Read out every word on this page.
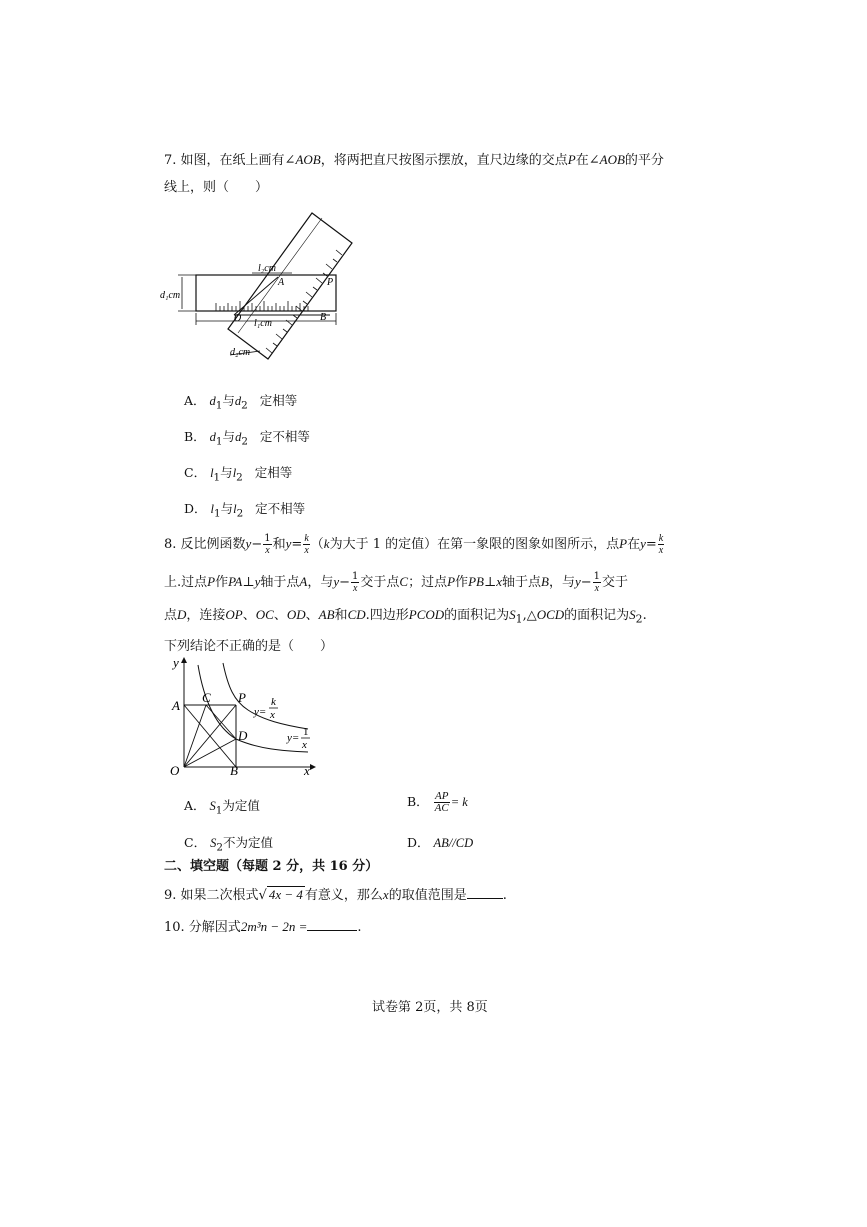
7. 如图，在纸上画有∠AOB，将两把直尺按图示摆放，直尺边缘的交点P在∠AOB的平分
线上，则（　　）
l₂cm
d₁cm
l₁cm
d₂cm
A	P
O	B
A． $d_1$与$d_2$ 定相等
B． $d_1$与$d_2$ 定不相等
C． $l_1$与$l_2$ 定相等
D． $l_1$与$l_2$ 定不相等
8. 反比例函数$y- \frac{1}{x}$ 和$y= \frac{k}{x} (k$为大于 1 的定值）在第一象限的图象如图所示，点P在$y= \frac{k}{x}$
上.过点P作PA⊥y轴于点A，与$y- \frac{1}{x}$ 交于点C；过点P作PB⊥x轴于点B，与$y- \frac{1}{x}$ 交于
点D，连接OP、OC、OD、AB和CD.四边形PCOD的面积记为$S_1,\triangle OCD$的面积记为$S_2$.
下列结论不正确的是（　　）
y
x
A
C P
D
O	B
y=
k
x
y= 1
x
A． $S_1$为定值	B． $\frac{AP}{AC} = k$
C． $S_2$不为定值	D． AB//CD
二、填空题（每题 2 分，共 16 分）
9. 如果二次根式√ 4x − 4 有意义，那么x的取值范围是	.
10. 分解因式2m³n − 2n =	.
试卷第 2页，共 8页
